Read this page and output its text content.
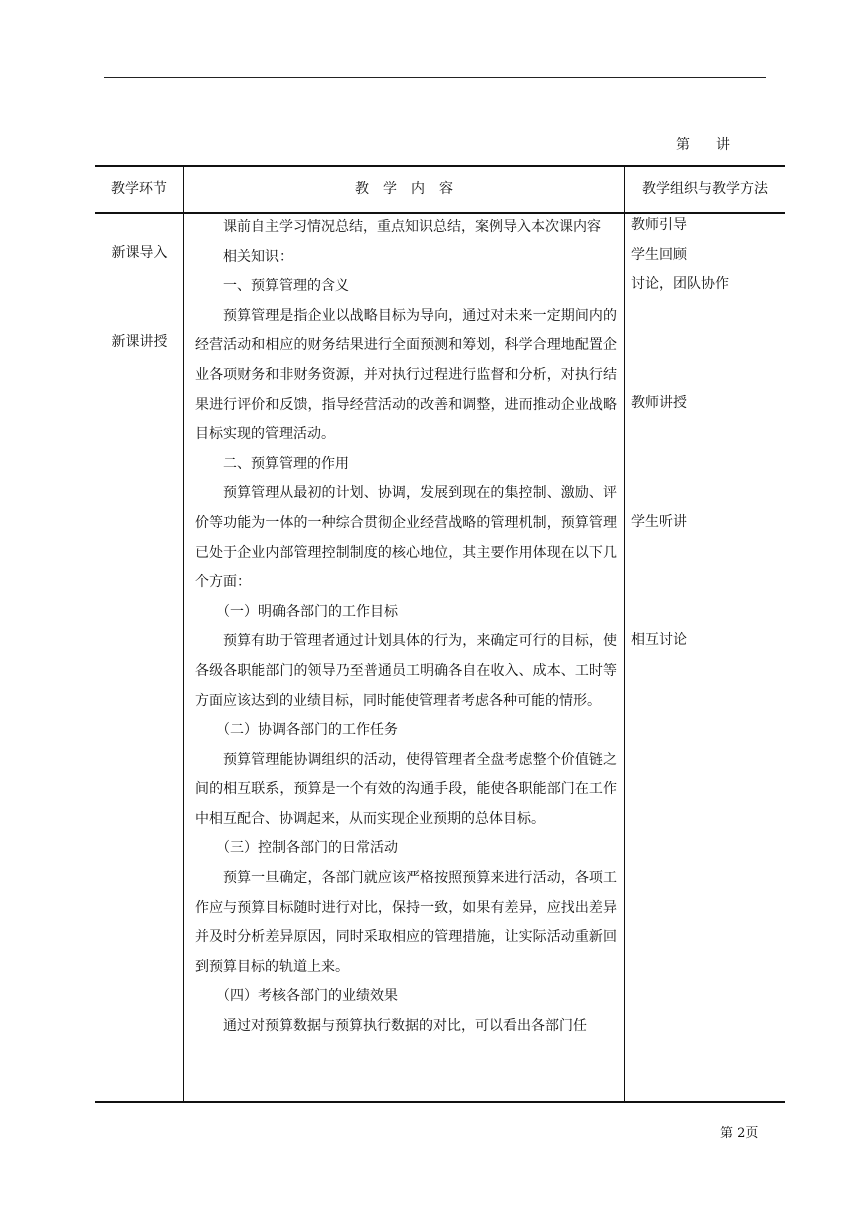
第 讲
教学环节	教　学　内　容	教学组织与教学方法
新课导入
新课讲授

课前自主学习情况总结，重点知识总结，案例导入本次课内容

相关知识：

一、预算管理的含义

预算管理是指企业以战略目标为导向，通过对未来一定期间内的经营活动和相应的财务结果进行全面预测和筹划，科学合理地配置企业各项财务和非财务资源，并对执行过程进行监督和分析，对执行结果进行评价和反馈，指导经营活动的改善和调整，进而推动企业战略目标实现的管理活动。

二、预算管理的作用

预算管理从最初的计划、协调，发展到现在的集控制、激励、评价等功能为一体的一种综合贯彻企业经营战略的管理机制，预算管理已处于企业内部管理控制制度的核心地位，其主要作用体现在以下几个方面：

（一）明确各部门的工作目标

预算有助于管理者通过计划具体的行为，来确定可行的目标，使各级各职能部门的领导乃至普通员工明确各自在收入、成本、工时等方面应该达到的业绩目标，同时能使管理者考虑各种可能的情形。

（二）协调各部门的工作任务

预算管理能协调组织的活动，使得管理者全盘考虑整个价值链之间的相互联系，预算是一个有效的沟通手段，能使各职能部门在工作中相互配合、协调起来，从而实现企业预期的总体目标。

（三）控制各部门的日常活动

预算一旦确定，各部门就应该严格按照预算来进行活动，各项工作应与预算目标随时进行对比，保持一致，如果有差异，应找出差异并及时分析差异原因，同时采取相应的管理措施，让实际活动重新回到预算目标的轨道上来。

（四）考核各部门的业绩效果

通过对预算数据与预算执行数据的对比，可以看出各部门任

教师引导
学生回顾
讨论，团队协作
教师讲授
学生听讲
相互讨论
第 2页
